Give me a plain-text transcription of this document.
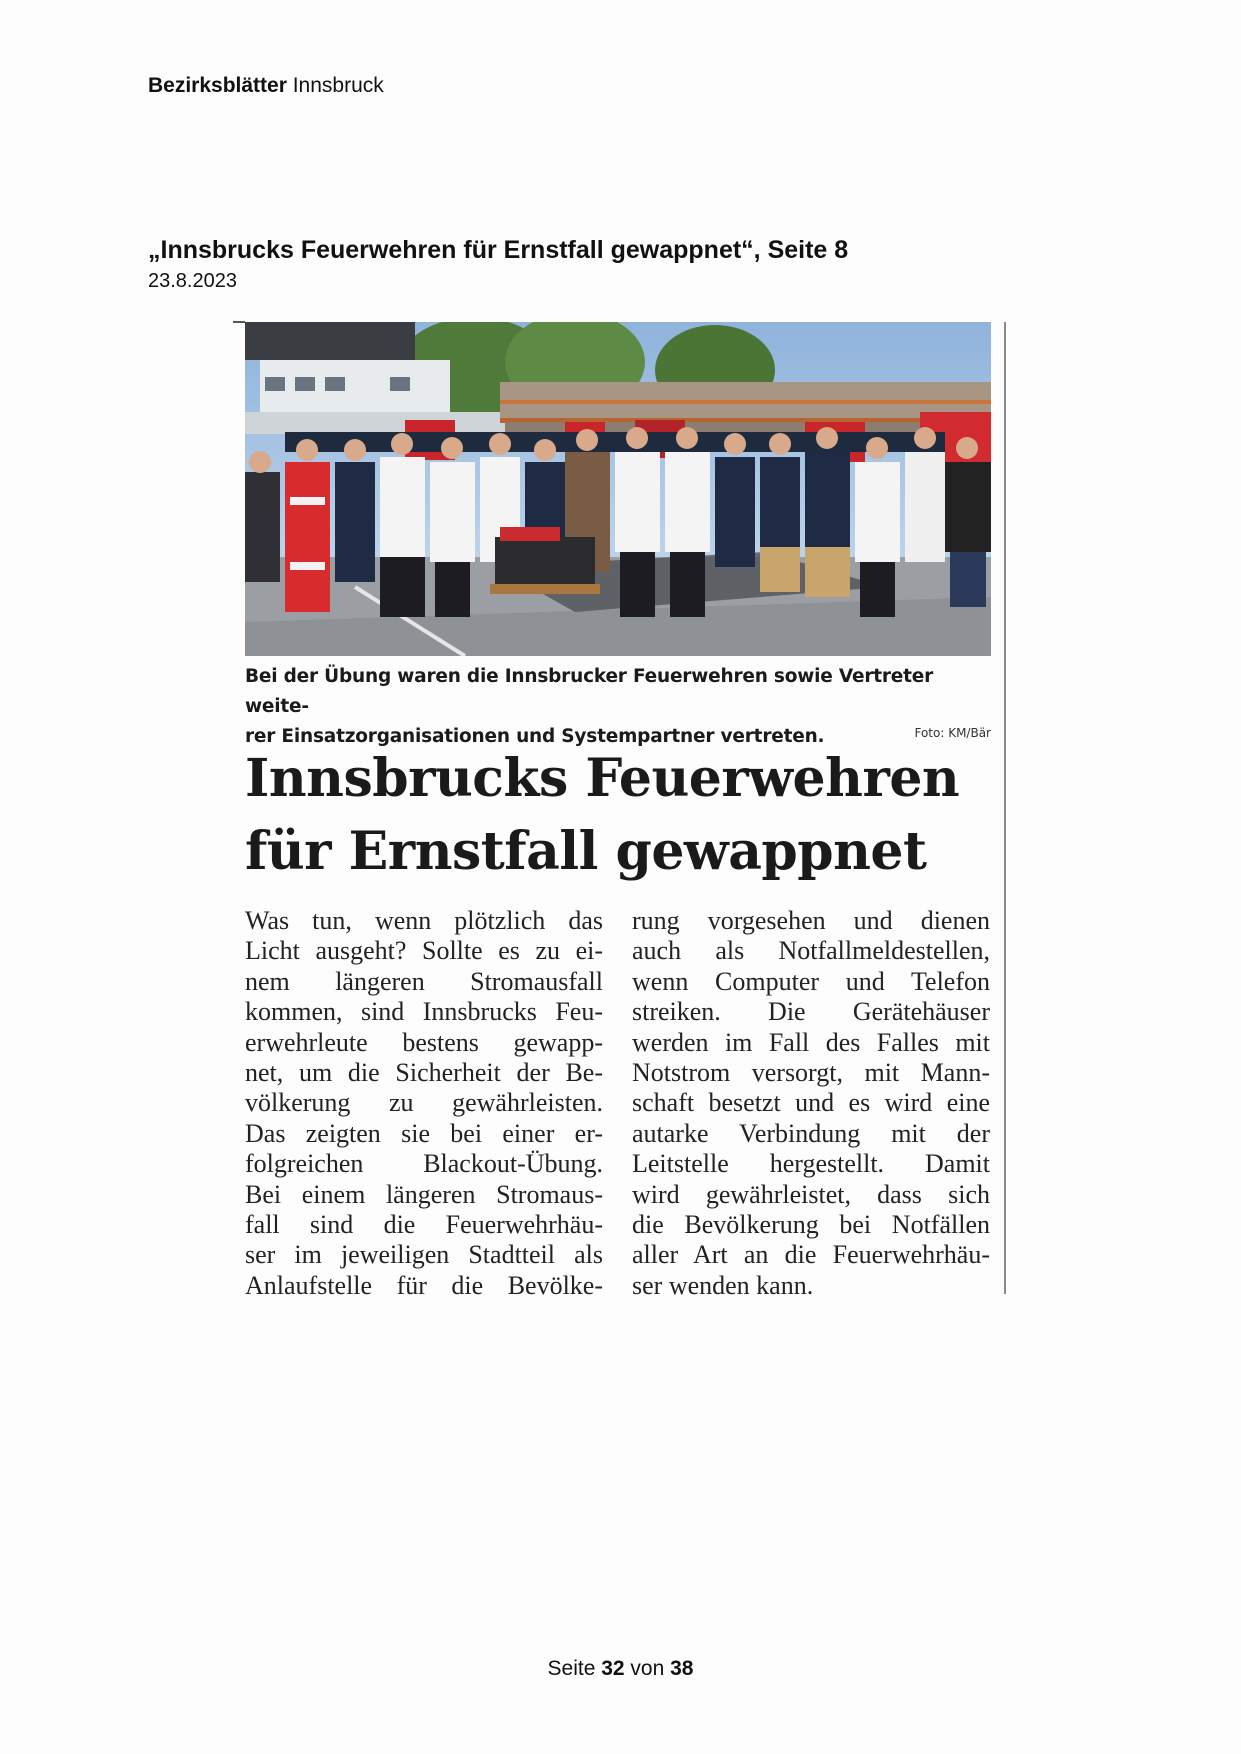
Bezirksblätter Innsbruck
„Innsbrucks Feuerwehren für Ernstfall gewappnet“, Seite 8
23.8.2023
Bei der Übung waren die Innsbrucker Feuerwehren sowie Vertreter weite-
rer Einsatzorganisationen und Systempartner vertreten.	Foto: KM/Bär
Innsbrucks Feuerwehren
für Ernstfall gewappnet
Was tun, wenn plötzlich das
Licht ausgeht? Sollte es zu ei-
nem längeren Stromausfall
kommen, sind Innsbrucks Feu-
erwehrleute bestens gewapp-
net, um die Sicherheit der Be-
völkerung zu gewährleisten.
Das zeigten sie bei einer er-
folgreichen Blackout-Übung.
Bei einem längeren Stromaus-
fall sind die Feuerwehrhäu-
ser im jeweiligen Stadtteil als
Anlaufstelle für die Bevölke-
rung vorgesehen und dienen
auch als Notfallmeldestellen,
wenn Computer und Telefon
streiken. Die Gerätehäuser
werden im Fall des Falles mit
Notstrom versorgt, mit Mann-
schaft besetzt und es wird eine
autarke Verbindung mit der
Leitstelle hergestellt. Damit
wird gewährleistet, dass sich
die Bevölkerung bei Notfällen
aller Art an die Feuerwehrhäu-
ser wenden kann.
Seite 32 von 38
